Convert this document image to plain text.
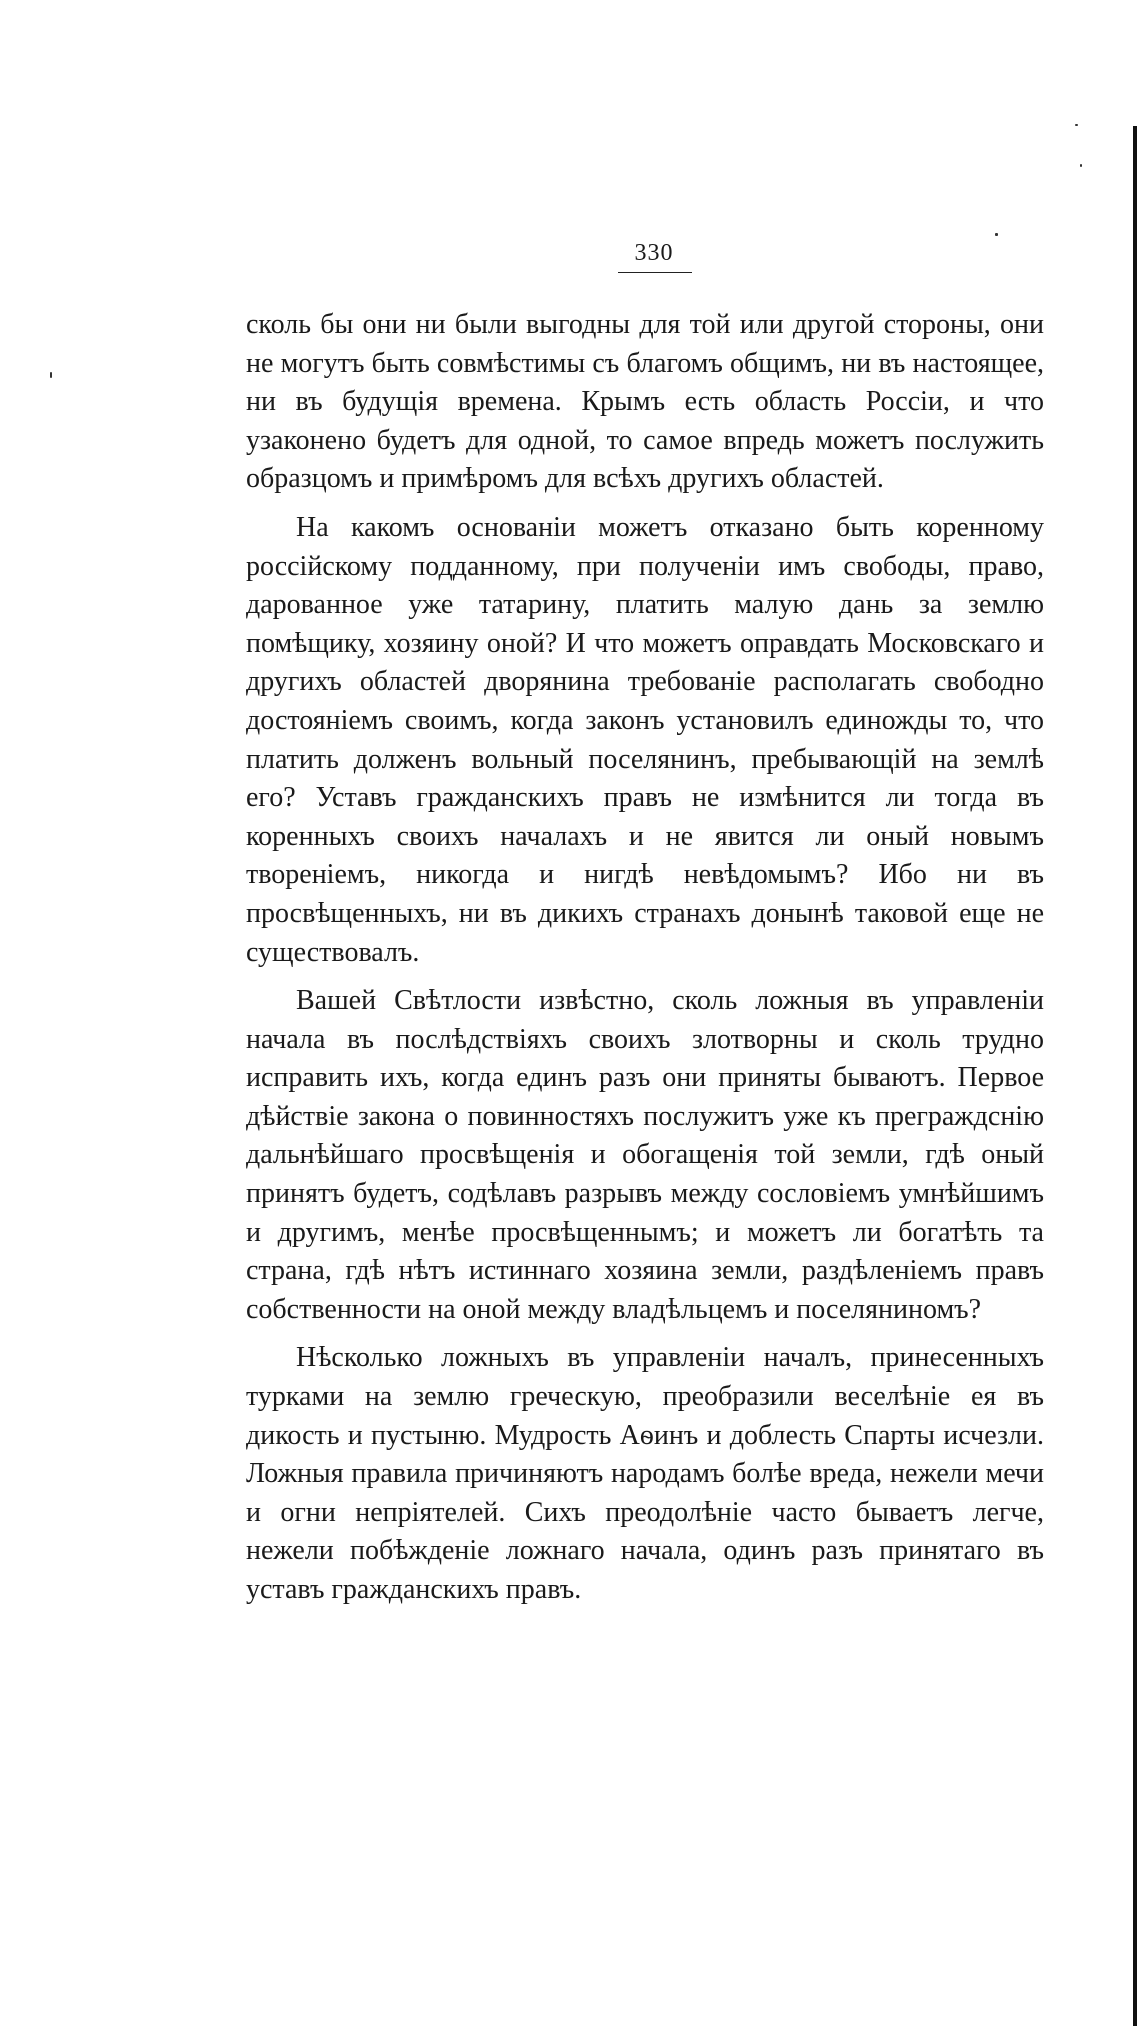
330

сколь бы они ни были выгодны для той или другой стороны, они не могутъ быть совмѣстимы съ благомъ общимъ, ни въ настоящее, ни въ будущія времена. Крымъ есть область Россіи, и что узаконено будетъ для одной, то самое впредь можетъ послужить образцомъ и примѣромъ для всѣхъ другихъ областей.

На какомъ основаніи можетъ отказано быть коренному россійскому подданному, при полученіи имъ свободы, право, дарованное уже татарину, платить малую дань за землю помѣщику, хозяину оной? И что можетъ оправдать Московскаго и другихъ областей дворянина требованіе располагать свободно достояніемъ своимъ, когда законъ установилъ единожды то, что платить долженъ вольный поселянинъ, пребывающій на землѣ его? Уставъ гражданскихъ правъ не измѣнится ли тогда въ коренныхъ своихъ началахъ и не явится ли оный новымъ твореніемъ, никогда и нигдѣ невѣдомымъ? Ибо ни въ просвѣщенныхъ, ни въ дикихъ странахъ донынѣ таковой еще не существовалъ.

Вашей Свѣтлости извѣстно, сколь ложныя въ управленіи начала въ послѣдствіяхъ своихъ злотворны и сколь трудно исправить ихъ, когда единъ разъ они приняты бываютъ. Первое дѣйствіе закона о повинностяхъ послужитъ уже къ преграждснію дальнѣйшаго просвѣщенія и обогащенія той земли, гдѣ оный принятъ будетъ, содѣлавъ разрывъ между сословіемъ умнѣйшимъ и другимъ, менѣе просвѣщеннымъ; и можетъ ли богатѣть та страна, гдѣ нѣтъ истиннаго хозяина земли, раздѣленіемъ правъ собственности на оной между владѣльцемъ и поселяниномъ?

Нѣсколько ложныхъ въ управленіи началъ, принесенныхъ турками на землю греческую, преобразили веселѣніе ея въ дикость и пустыню. Мудрость Аѳинъ и доблесть Спарты исчезли. Ложныя правила причиняютъ народамъ болѣе вреда, нежели мечи и огни непріятелей. Сихъ преодолѣніе часто бываетъ легче, нежели побѣжденіе ложнаго начала, одинъ разъ принятаго въ уставъ гражданскихъ правъ.
